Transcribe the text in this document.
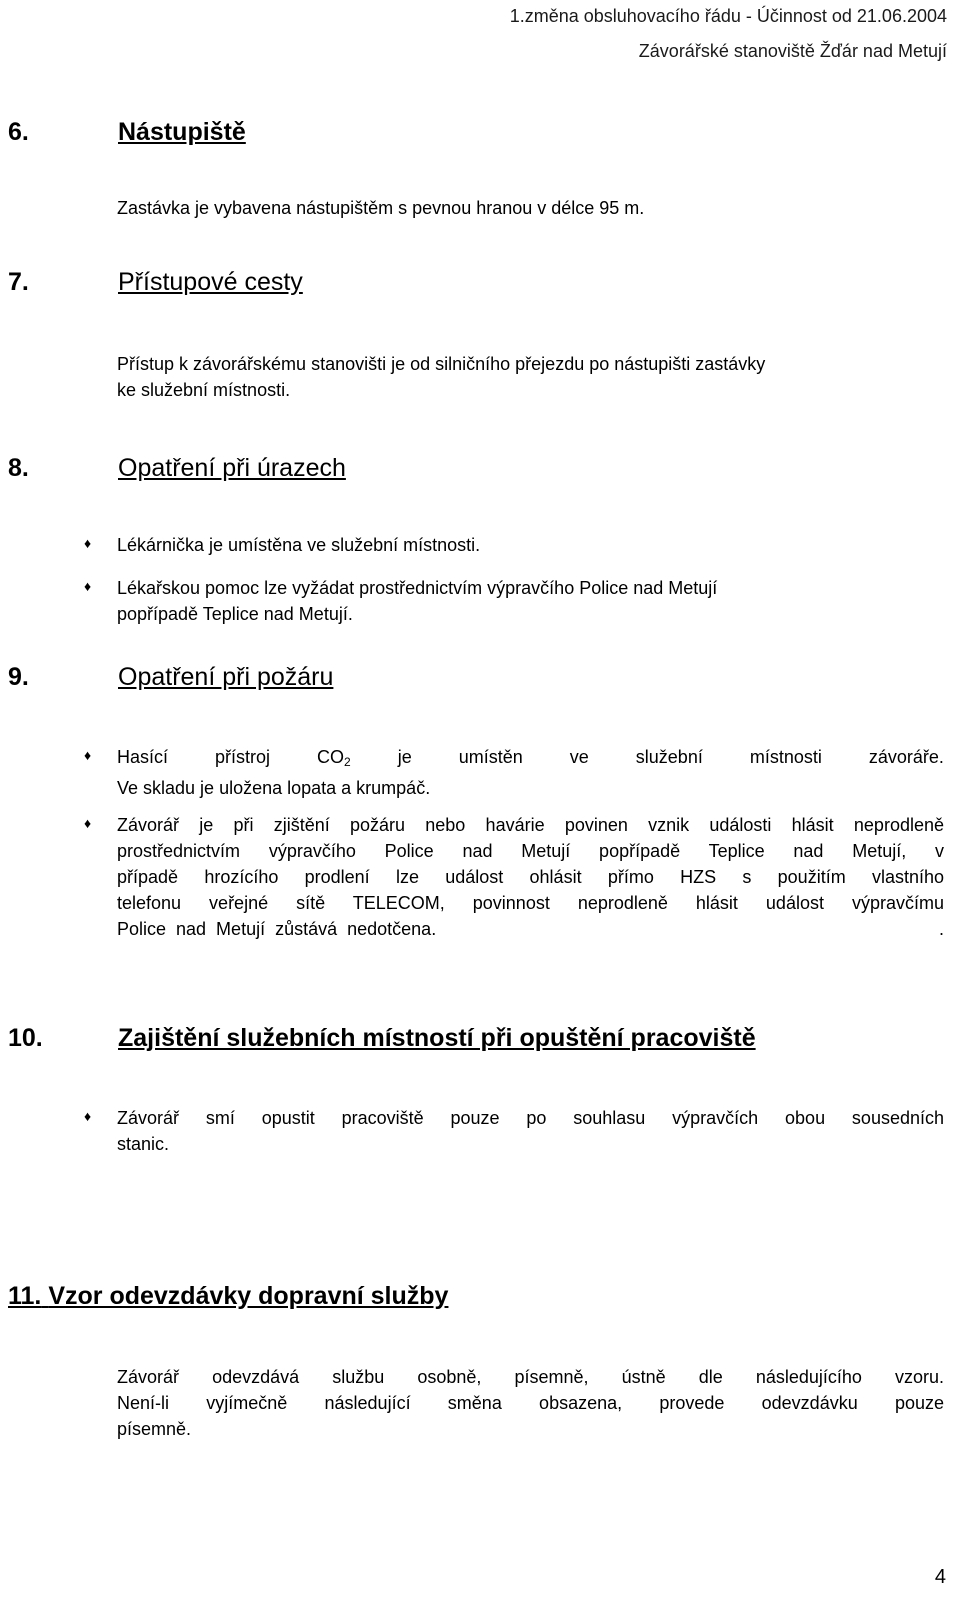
1.změna obsluhovacího řádu - Účinnost od 21.06.2004
Závorářské stanoviště Žďár nad Metují
6.	Nástupiště
Zastávka je vybavena nástupištěm s pevnou hranou v délce 95 m.
7.	Přístupové cesty
Přístup k závorářskému stanovišti je od silničního přejezdu po nástupišti zastávky
ke služební místnosti.
8.	Opatření při úrazech
♦ Lékárnička je umístěna ve služební místnosti.
♦ Lékařskou pomoc lze vyžádat prostřednictvím výpravčího Police nad Metují
popřípadě Teplice nad Metují.
9.	Opatření při požáru
♦ Hasící	přístroj	$CO_2$	je	umístěn	ve	služební	místnosti	závoráře.
Ve skladu je uložena lopata a krumpáč.
♦ Závorář je při zjištění požáru nebo havárie povinen vznik události hlásit neprodleně
prostřednictvím výpravčího Police nad Metují popřípadě Teplice nad Metují, v
případě hrozícího prodlení lze událost ohlásit přímo HZS s použitím vlastního
telefonu veřejné sítě TELECOM, povinnost neprodleně hlásit událost výpravčímu
Police  nad  Metují  zůstává  nedotčena.	.
10.	Zajištění služebních místností při opuštění pracoviště
♦ Závorář smí opustit pracoviště pouze po souhlasu výpravčích obou sousedních
stanic.
11. Vzor odevzdávky dopravní služby
Závorář odevzdává službu osobně, písemně, ústně dle následujícího vzoru.
Není-li vyjímečně následující směna obsazena, provede odevzdávku pouze
písemně.
4
